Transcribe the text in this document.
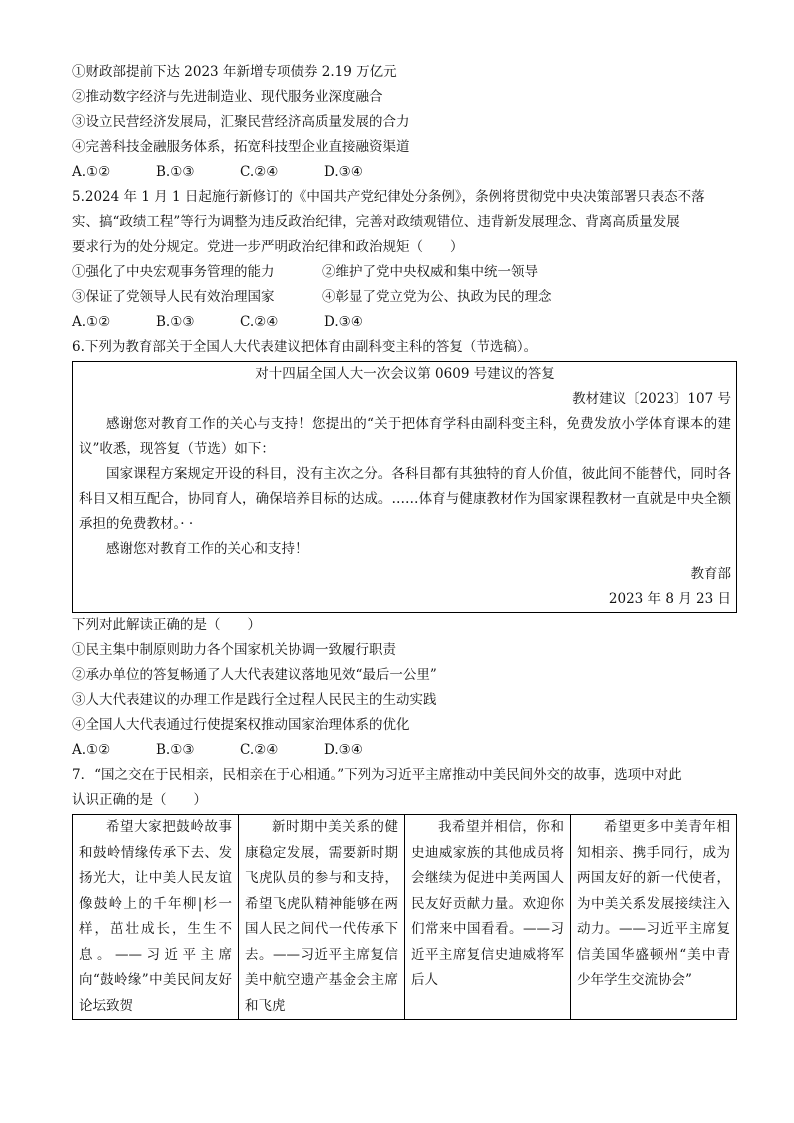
①财政部提前下达 2023 年新增专项债券 2.19 万亿元
②推动数字经济与先进制造业、现代服务业深度融合
③设立民营经济发展局，汇聚民营经济高质量发展的合力
④完善科技金融服务体系，拓宽科技型企业直接融资渠道
A.①②	B.①③	C.②④	D.③④
5.2024 年 1 月 1 日起施行新修订的《中国共产党纪律处分条例》，条例将贯彻党中央决策部署只表态不落
实、搞“政绩工程”等行为调整为违反政治纪律，完善对政绩观错位、违背新发展理念、背离高质量发展
要求行为的处分规定。党进一步严明政治纪律和政治规矩（　　）
①强化了中央宏观事务管理的能力	②维护了党中央权威和集中统一领导
③保证了党领导人民有效治理国家	④彰显了党立党为公、执政为民的理念
A.①②	B.①③	C.②④	D.③④
6.下列为教育部关于全国人大代表建议把体育由副科变主科的答复（节选稿）。
对十四届全国人大一次会议第 0609 号建议的答复
教材建议〔2023〕107 号

感谢您对教育工作的关心与支持！您提出的“关于把体育学科由副科变主科，免费发放小学体育课本的建议”收悉，现答复（节选）如下：

国家课程方案规定开设的科目，没有主次之分。各科目都有其独特的育人价值，彼此间不能替代，同时各科目又相互配合，协同育人，确保培养目标的达成。……体育与健康教材作为国家课程教材一直就是中央全额承担的免费教材。· ·

感谢您对教育工作的关心和支持！

教育部
2023 年 8 月 23 日
下列对此解读正确的是（　　）
①民主集中制原则助力各个国家机关协调一致履行职责
②承办单位的答复畅通了人大代表建议落地见效“最后一公里”
③人大代表建议的办理工作是践行全过程人民民主的生动实践
④全国人大代表通过行使提案权推动国家治理体系的优化
A.①②	B.①③	C.②④	D.③④
7．“国之交在于民相亲，民相亲在于心相通。”下列为习近平主席推动中美民间外交的故事，选项中对此
认识正确的是（　　）
希望大家把鼓岭故事和鼓岭情缘传承下去、发扬光大，让中美人民友谊像鼓岭上的千年柳|杉一样，茁壮成长，生生不息。——习近平主席向“鼓岭缘”中美民间友好论坛致贺

新时期中美关系的健康稳定发展，需要新时期飞虎队员的参与和支持，希望飞虎队精神能够在两国人民之间代一代传承下去。——习近平主席复信美中航空遗产基金会主席和飞虎

我希望并相信，你和史迪威家族的其他成员将会继续为促进中美两国人民友好贡献力量。欢迎你们常来中国看看。——习近平主席复信史迪威将军后人

希望更多中美青年相知相亲、携手同行，成为两国友好的新一代使者，为中美关系发展接续注入动力。——习近平主席复信美国华盛顿州“美中青少年学生交流协会”
